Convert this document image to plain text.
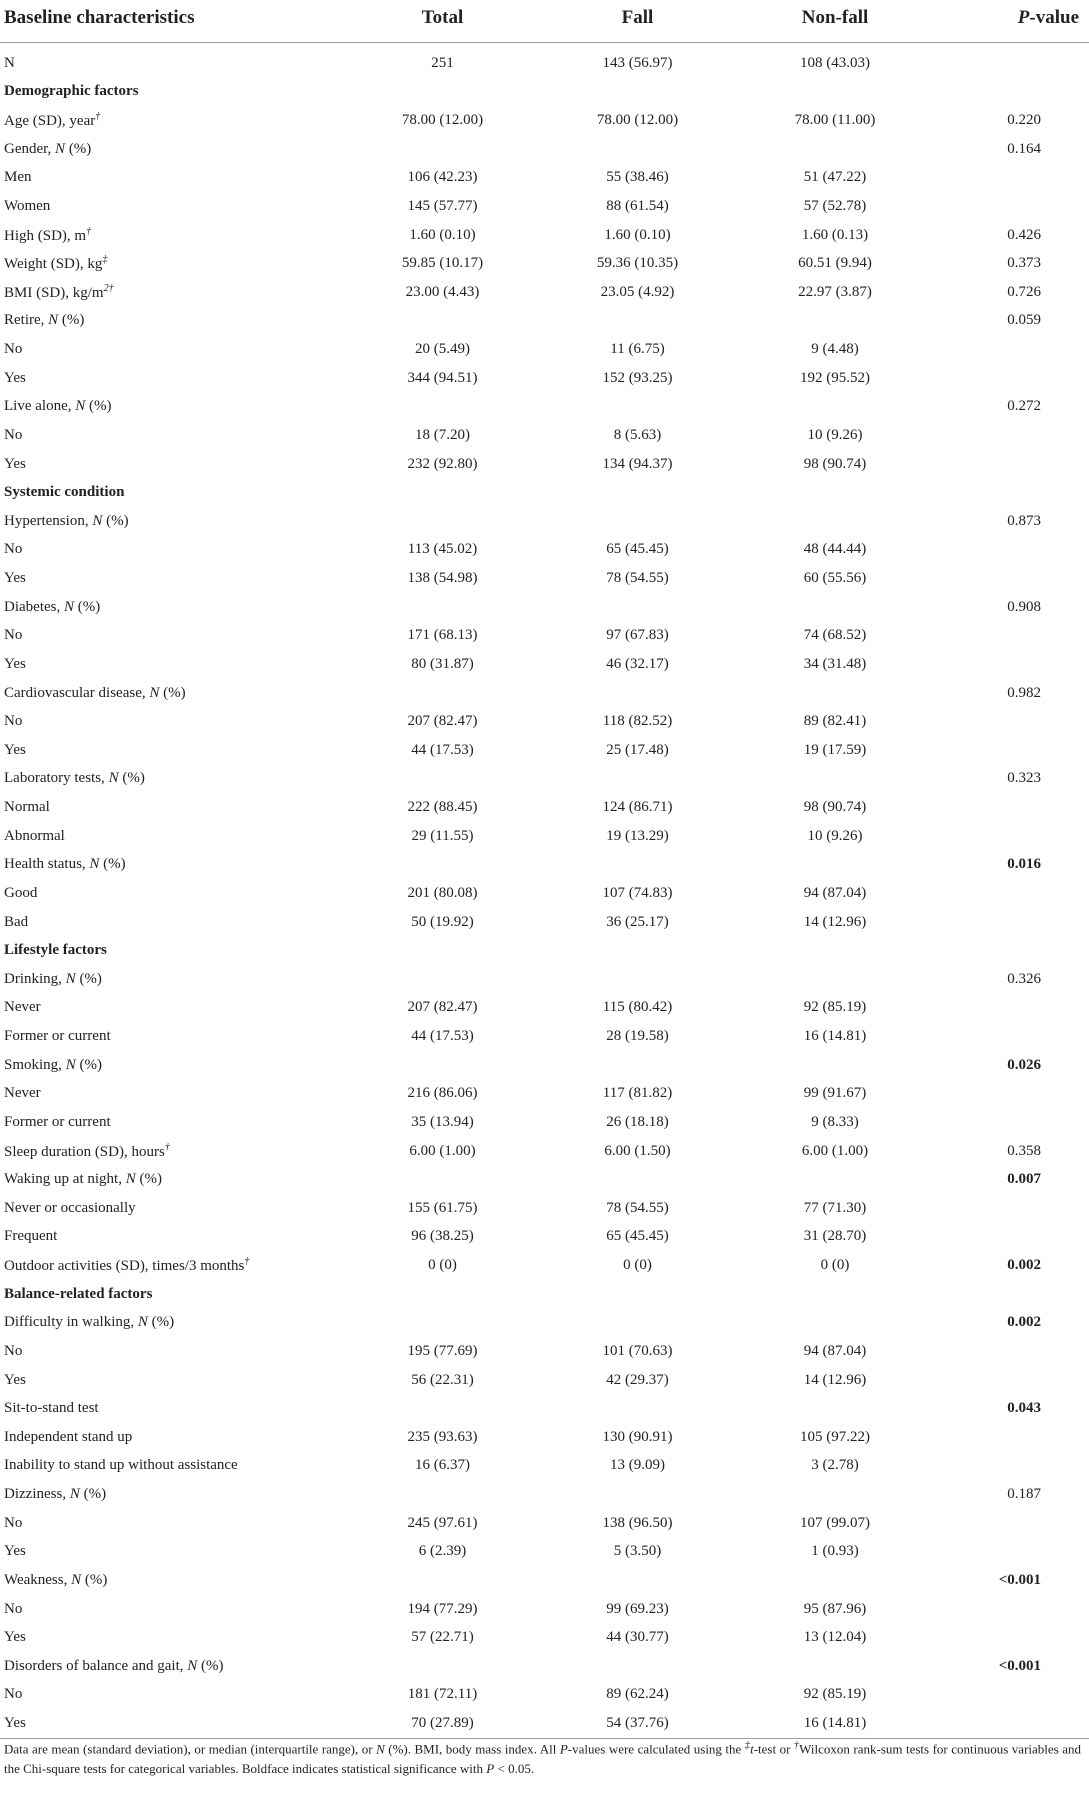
Baseline characteristics	Total	Fall	Non-fall	P-value
N	251	143 (56.97)	108 (43.03)	
Demographic factors				
Age (SD), year†	78.00 (12.00)	78.00 (12.00)	78.00 (11.00)	0.220
Gender, N (%)				0.164
Men	106 (42.23)	55 (38.46)	51 (47.22)	
Women	145 (57.77)	88 (61.54)	57 (52.78)	
High (SD), m†	1.60 (0.10)	1.60 (0.10)	1.60 (0.13)	0.426
Weight (SD), kg‡	59.85 (10.17)	59.36 (10.35)	60.51 (9.94)	0.373
BMI (SD), $kg/m^{2\dagger}$	23.00 (4.43)	23.05 (4.92)	22.97 (3.87)	0.726
Retire, N (%)				0.059
No	20 (5.49)	11 (6.75)	9 (4.48)	
Yes	344 (94.51)	152 (93.25)	192 (95.52)	
Live alone, N (%)				0.272
No	18 (7.20)	8 (5.63)	10 (9.26)	
Yes	232 (92.80)	134 (94.37)	98 (90.74)	
Systemic condition				
Hypertension, N (%)				0.873
No	113 (45.02)	65 (45.45)	48 (44.44)	
Yes	138 (54.98)	78 (54.55)	60 (55.56)	
Diabetes, N (%)				0.908
No	171 (68.13)	97 (67.83)	74 (68.52)	
Yes	80 (31.87)	46 (32.17)	34 (31.48)	
Cardiovascular disease, N (%)				0.982
No	207 (82.47)	118 (82.52)	89 (82.41)	
Yes	44 (17.53)	25 (17.48)	19 (17.59)	
Laboratory tests, N (%)				0.323
Normal	222 (88.45)	124 (86.71)	98 (90.74)	
Abnormal	29 (11.55)	19 (13.29)	10 (9.26)	
Health status, N (%)				0.016
Good	201 (80.08)	107 (74.83)	94 (87.04)	
Bad	50 (19.92)	36 (25.17)	14 (12.96)	
Lifestyle factors				
Drinking, N (%)				0.326
Never	207 (82.47)	115 (80.42)	92 (85.19)	
Former or current	44 (17.53)	28 (19.58)	16 (14.81)	
Smoking, N (%)				0.026
Never	216 (86.06)	117 (81.82)	99 (91.67)	
Former or current	35 (13.94)	26 (18.18)	9 (8.33)	
Sleep duration (SD), hours†	6.00 (1.00)	6.00 (1.50)	6.00 (1.00)	0.358
Waking up at night, N (%)				0.007
Never or occasionally	155 (61.75)	78 (54.55)	77 (71.30)	
Frequent	96 (38.25)	65 (45.45)	31 (28.70)	
Outdoor activities (SD), times/3 months†	0 (0)	0 (0)	0 (0)	0.002
Balance-related factors				
Difficulty in walking, N (%)				0.002
No	195 (77.69)	101 (70.63)	94 (87.04)	
Yes	56 (22.31)	42 (29.37)	14 (12.96)	
Sit-to-stand test				0.043
Independent stand up	235 (93.63)	130 (90.91)	105 (97.22)	
Inability to stand up without assistance	16 (6.37)	13 (9.09)	3 (2.78)	
Dizziness, N (%)				0.187
No	245 (97.61)	138 (96.50)	107 (99.07)	
Yes	6 (2.39)	5 (3.50)	1 (0.93)	
Weakness, N (%)				<0.001
No	194 (77.29)	99 (69.23)	95 (87.96)	
Yes	57 (22.71)	44 (30.77)	13 (12.04)	
Disorders of balance and gait, N (%)				<0.001
No	181 (72.11)	89 (62.24)	92 (85.19)	
Yes	70 (27.89)	54 (37.76)	16 (14.81)	

Data are mean (standard deviation), or median (interquartile range), or N (%). BMI, body mass index. All P-values were calculated using the ‡t-test or †Wilcoxon rank-sum tests for continuous variables and the Chi-square tests for categorical variables. Boldface indicates statistical significance with P < 0.05.
